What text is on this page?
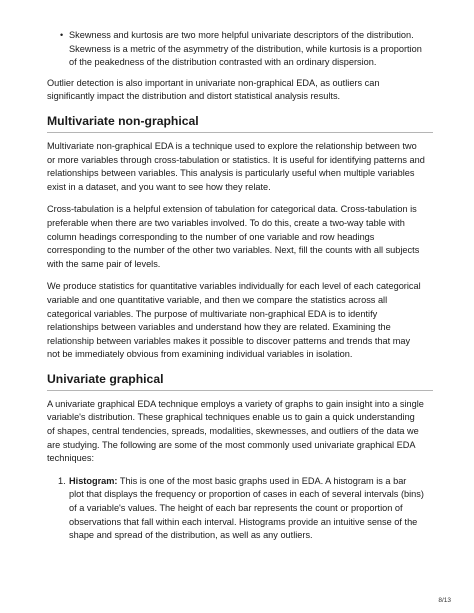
• Skewness and kurtosis are two more helpful univariate descriptors of the distribution.
Skewness is a metric of the asymmetry of the distribution, while kurtosis is a proportion
of the peakedness of the distribution contrasted with an ordinary dispersion.

Outlier detection is also important in univariate non-graphical EDA, as outliers can
significantly impact the distribution and distort statistical analysis results.

Multivariate non-graphical

Multivariate non-graphical EDA is a technique used to explore the relationship between two
or more variables through cross-tabulation or statistics. It is useful for identifying patterns and
relationships between variables. This analysis is particularly useful when multiple variables
exist in a dataset, and you want to see how they relate.

Cross-tabulation is a helpful extension of tabulation for categorical data. Cross-tabulation is
preferable when there are two variables involved. To do this, create a two-way table with
column headings corresponding to the number of one variable and row headings
corresponding to the number of the other two variables. Next, fill the counts with all subjects
with the same pair of levels.

We produce statistics for quantitative variables individually for each level of each categorical
variable and one quantitative variable, and then we compare the statistics across all
categorical variables. The purpose of multivariate non-graphical EDA is to identify
relationships between variables and understand how they are related. Examining the
relationship between variables makes it possible to discover patterns and trends that may
not be immediately obvious from examining individual variables in isolation.

Univariate graphical

A univariate graphical EDA technique employs a variety of graphs to gain insight into a single
variable's distribution. These graphical techniques enable us to gain a quick understanding
of shapes, central tendencies, spreads, modalities, skewnesses, and outliers of the data we
are studying. The following are some of the most commonly used univariate graphical EDA
techniques:

1. Histogram: This is one of the most basic graphs used in EDA. A histogram is a bar
plot that displays the frequency or proportion of cases in each of several intervals (bins)
of a variable's values. The height of each bar represents the count or proportion of
observations that fall within each interval. Histograms provide an intuitive sense of the
shape and spread of the distribution, as well as any outliers.
8/13
